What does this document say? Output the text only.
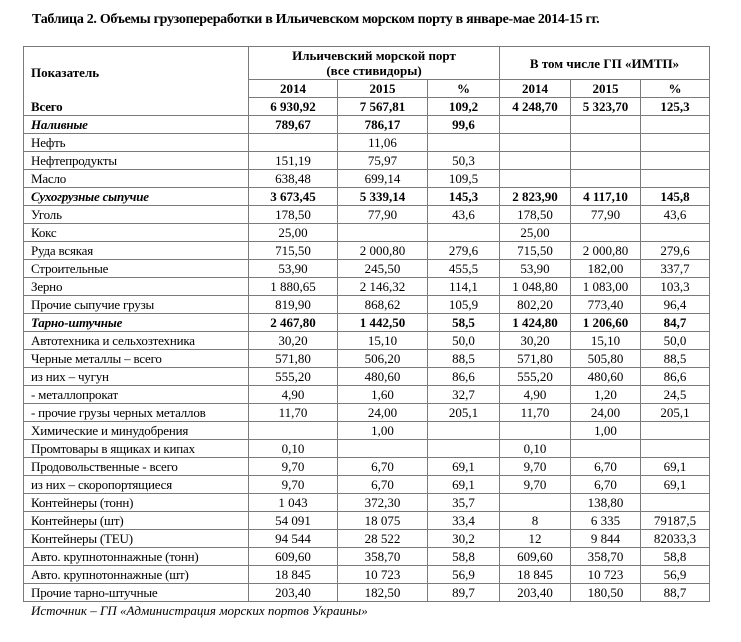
Таблица 2. Объемы грузопереработки в Ильичевском морском порту в январе-мае 2014-15 гг.
Показатель	Ильичевский морской порт
(все стивидоры)			В том числе ГП «ИМТП»		
	2014	2015	%	2014	2015	%
Всего	6 930,92	7 567,81	109,2	4 248,70	5 323,70	125,3
Наливные	789,67	786,17	99,6			
Нефть		11,06				
Нефтепродукты	151,19	75,97	50,3			
Масло	638,48	699,14	109,5			
Сухогрузные сыпучие	3 673,45	5 339,14	145,3	2 823,90	4 117,10	145,8
Уголь	178,50	77,90	43,6	178,50	77,90	43,6
Кокс	25,00			25,00		
Руда всякая	715,50	2 000,80	279,6	715,50	2 000,80	279,6
Строительные	53,90	245,50	455,5	53,90	182,00	337,7
Зерно	1 880,65	2 146,32	114,1	1 048,80	1 083,00	103,3
Прочие сыпучие грузы	819,90	868,62	105,9	802,20	773,40	96,4
Тарно-штучные	2 467,80	1 442,50	58,5	1 424,80	1 206,60	84,7
Автотехника и сельхозтехника	30,20	15,10	50,0	30,20	15,10	50,0
Черные металлы – всего	571,80	506,20	88,5	571,80	505,80	88,5
из них – чугун	555,20	480,60	86,6	555,20	480,60	86,6
- металлопрокат	4,90	1,60	32,7	4,90	1,20	24,5
- прочие грузы черных металлов	11,70	24,00	205,1	11,70	24,00	205,1
Химические и минудобрения		1,00			1,00	
Промтовары в ящиках и кипах	0,10			0,10		
Продовольственные - всего	9,70	6,70	69,1	9,70	6,70	69,1
из них – скоропортящиеся	9,70	6,70	69,1	9,70	6,70	69,1
Контейнеры (тонн)	1 043	372,30	35,7		138,80	
Контейнеры (шт)	54 091	18 075	33,4	8	6 335	79187,5
Контейнеры (TEU)	94 544	28 522	30,2	12	9 844	82033,3
Авто. крупнотоннажные (тонн)	609,60	358,70	58,8	609,60	358,70	58,8
Авто. крупнотоннажные (шт)	18 845	10 723	56,9	18 845	10 723	56,9
Прочие тарно-штучные	203,40	182,50	89,7	203,40	180,50	88,7
Источник – ГП «Администрация морских портов Украины»
